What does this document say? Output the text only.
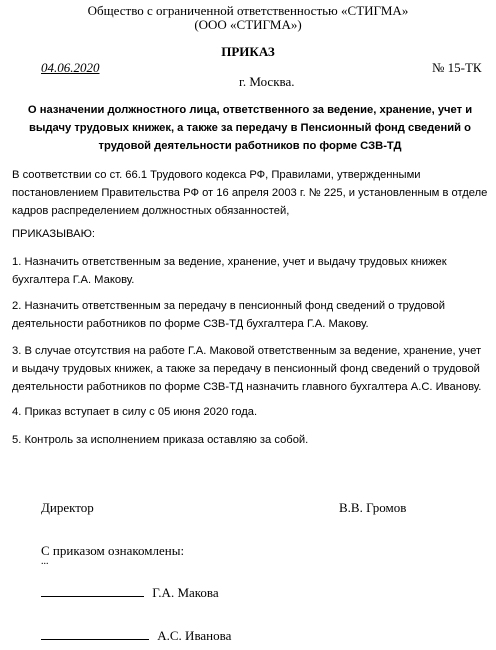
Общество с ограниченной ответственностью «СТИГМА»
(ООО «СТИГМА»)
ПРИКАЗ
04.06.2020	№ 15-ТК
г. Москва.
О назначении должностного лица, ответственного за ведение, хранение, учет и выдачу трудовых книжек, а также за передачу в Пенсионный фонд сведений о трудовой деятельности работников по форме СЗВ-ТД
В соответствии со ст. 66.1 Трудового кодекса РФ, Правилами, утвержденными постановлением Правительства РФ от 16 апреля 2003 г. № 225, и установленным в отделе кадров распределением должностных обязанностей,
ПРИКАЗЫВАЮ:
1. Назначить ответственным за ведение, хранение, учет и выдачу трудовых книжек бухгалтера Г.А. Макову.
2. Назначить ответственным за передачу в пенсионный фонд сведений о трудовой деятельности работников по форме СЗВ-ТД бухгалтера Г.А. Макову.
3. В случае отсутствия на работе Г.А. Маковой ответственным за ведение, хранение, учет и выдачу трудовых книжек, а также за передачу в пенсионный фонд сведений о трудовой деятельности работников по форме СЗВ-ТД назначить главного бухгалтера А.С. Иванову.
4. Приказ вступает в силу с 05 июня 2020 года.
5. Контроль за исполнением приказа оставляю за собой.
Директор	В.В. Громов
С приказом ознакомлены:
...
Г.А. Макова
А.С. Иванова
